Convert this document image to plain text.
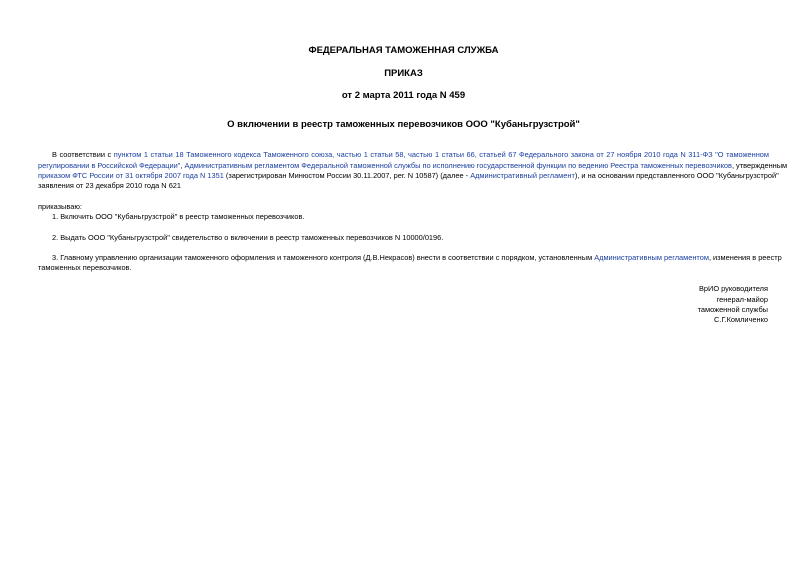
ФЕДЕРАЛЬНАЯ ТАМОЖЕННАЯ СЛУЖБА
ПРИКАЗ
от 2 марта 2011 года N 459
О включении в реестр таможенных перевозчиков ООО "Кубаньгрузстрой"
В соответствии с пунктом 1 статьи 18 Таможенного кодекса Таможенного союза, частью 1 статьи 58, частью 1 статьи 66, статьей 67 Федерального закона от 27 ноября 2010 года N 311-ФЗ "О таможенном
регулировании в Российской Федерации", Административным регламентом Федеральной таможенной службы по исполнению государственной функции по ведению Реестра таможенных перевозчиков, утвержденным
приказом ФТС России от 31 октября 2007 года N 1351 (зарегистрирован Минюстом России 30.11.2007, рег. N 10587) (далее - Административный регламент), и на основании представленного ООО "Кубаньгрузстрой"
заявления от 23 декабря 2010 года N 621
приказываю:
1. Включить ООО "Кубаньгрузстрой" в реестр таможенных перевозчиков.
2. Выдать ООО "Кубаньгрузстрой" свидетельство о включении в реестр таможенных перевозчиков N 10000/0196.
3. Главному управлению организации таможенного оформления и таможенного контроля (Д.В.Некрасов) внести в соответствии с порядком, установленным Административным регламентом, изменения в реестр
таможенных перевозчиков.
ВрИО руководителя
генерал-майор
таможенной службы
С.Г.Комличенко
